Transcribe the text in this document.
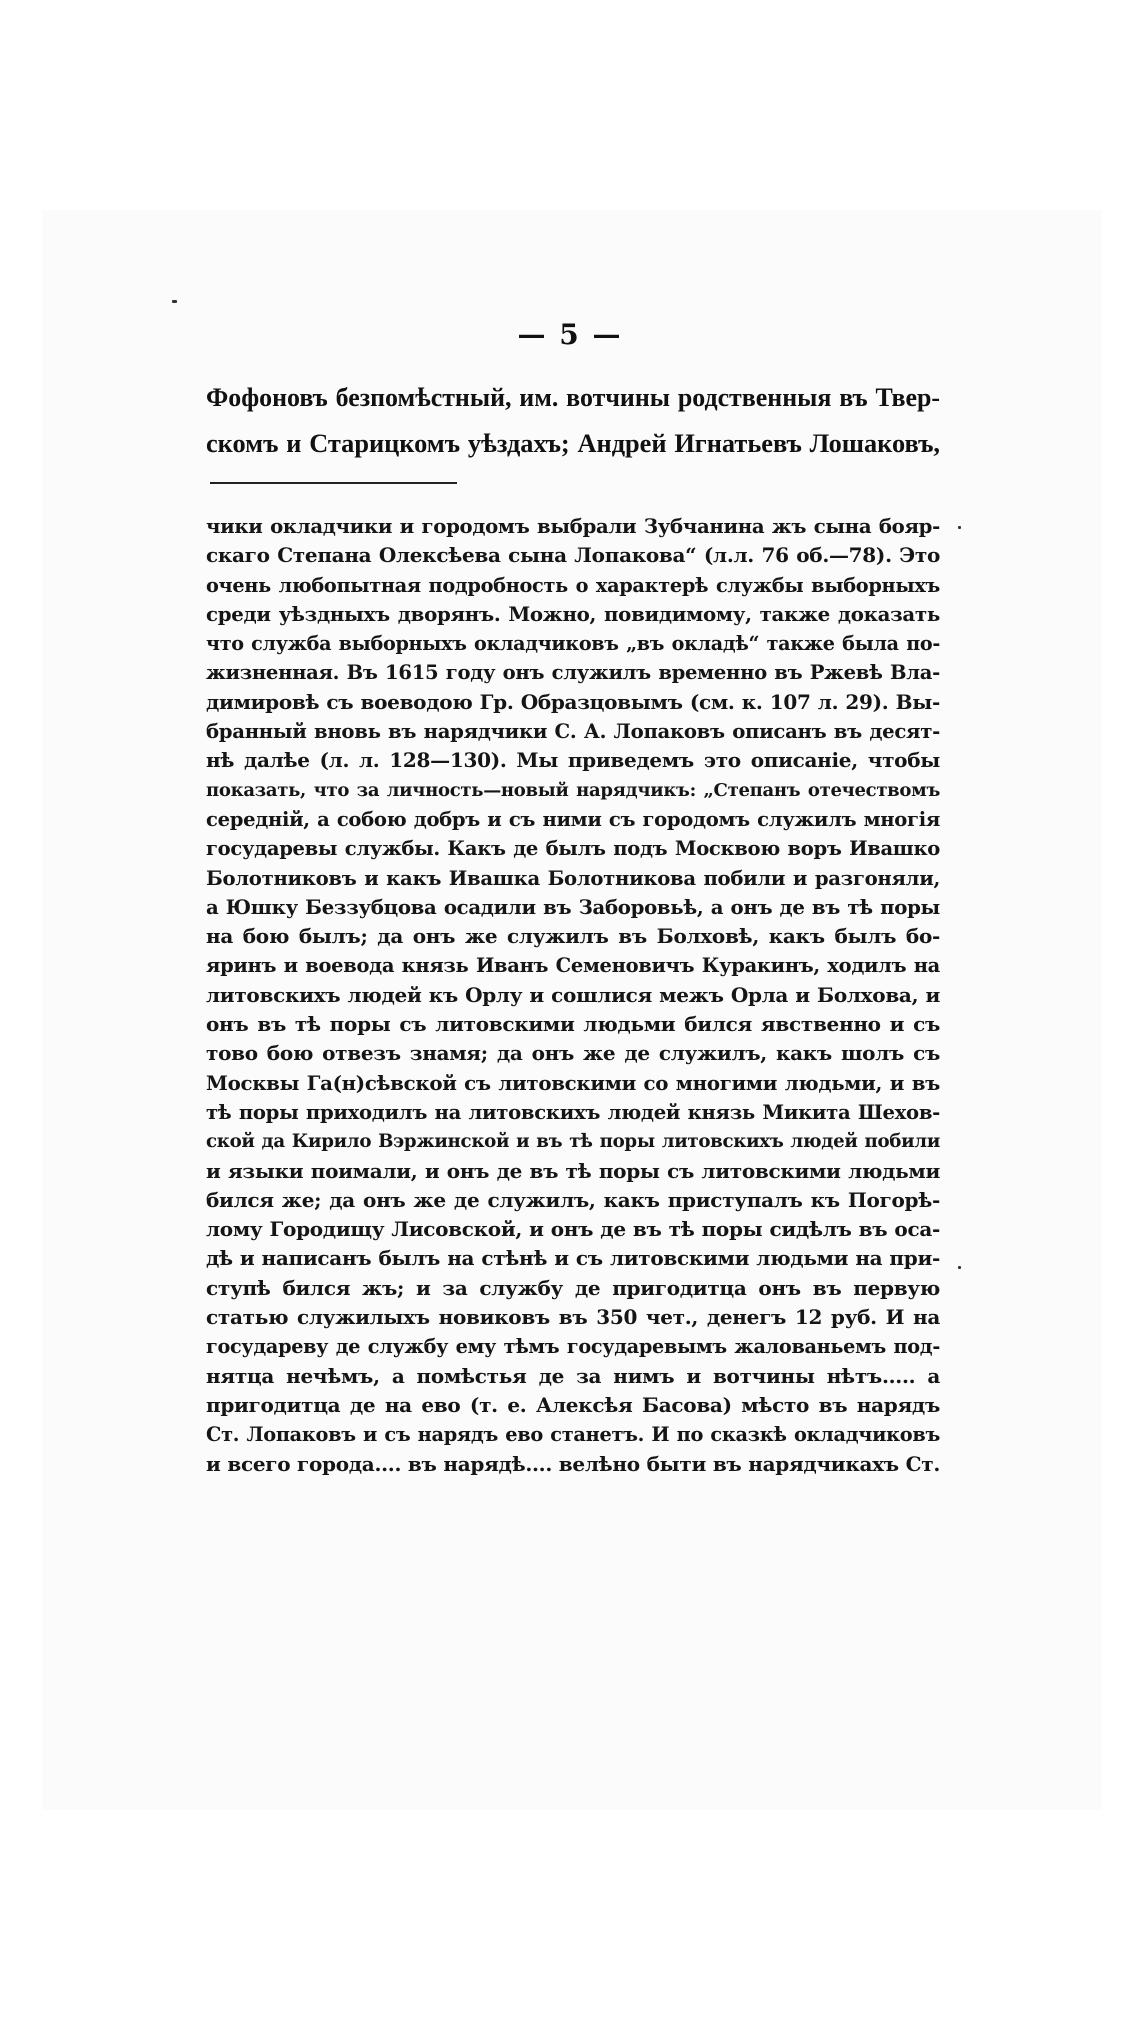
— 5 —
Фофоновъ безпомѣстный, им. вотчины родственныя въ Твер-
скомъ и Старицкомъ уѣздахъ; Андрей Игнатьевъ Лошаковъ,
чики окладчики и городомъ выбрали Зубчанина жъ сына бояр-
скаго Степана Олексѣева сына Лопакова“ (л.л. 76 об.—78). Это
очень любопытная подробность о характерѣ службы выборныхъ
среди уѣздныхъ дворянъ. Можно, повидимому, также доказать
что служба выборныхъ окладчиковъ „въ окладѣ“ также была по-
жизненная. Въ 1615 году онъ служилъ временно въ Ржевѣ Вла-
димировѣ съ воеводою Гр. Образцовымъ (см. к. 107 л. 29). Вы-
бранный вновь въ нарядчики С. А. Лопаковъ описанъ въ десят-
нѣ далѣе (л. л. 128—130). Мы приведемъ это описаніе, чтобы
показать, что за личность—новый нарядчикъ: „Степанъ отечествомъ
середній, а собою добръ и съ ними съ городомъ служилъ многія
государевы службы. Какъ де былъ подъ Москвою воръ Ивашко
Болотниковъ и какъ Ивашка Болотникова побили и разгоняли,
а Юшку Беззубцова осадили въ Заборовьѣ, а онъ де въ тѣ поры
на бою былъ; да онъ же служилъ въ Болховѣ, какъ былъ бо-
яринъ и воевода князь Иванъ Семеновичъ Куракинъ, ходилъ на
литовскихъ людей къ Орлу и сошлися межъ Орла и Болхова, и
онъ въ тѣ поры съ литовскими людьми бился явственно и съ
тово бою отвезъ знамя; да онъ же де служилъ, какъ шолъ съ
Москвы Га(н)сѣвской съ литовскими со многими людьми, и въ
тѣ поры приходилъ на литовскихъ людей князь Микита Шехов-
ской да Кирило Вэржинской и въ тѣ поры литовскихъ людей побили
и языки поимали, и онъ де въ тѣ поры съ литовскими людьми
бился же; да онъ же де служилъ, какъ приступалъ къ Погорѣ-
лому Городищу Лисовской, и онъ де въ тѣ поры сидѣлъ въ оса-
дѣ и написанъ былъ на стѣнѣ и съ литовскими людьми на при-
ступѣ бился жъ; и за службу де пригодитца онъ въ первую
статью служилыхъ новиковъ въ 350 чет., денегъ 12 руб. И на
государеву де службу ему тѣмъ государевымъ жалованьемъ под-
нятца нечѣмъ, а помѣстья де за нимъ и вотчины нѣтъ..... а
пригодитца де на ево (т. е. Алексѣя Басова) мѣсто въ нарядъ
Ст. Лопаковъ и съ нарядъ ево станетъ. И по сказкѣ окладчиковъ
и всего города.... въ нарядѣ.... велѣно быти въ нарядчикахъ Ст.
